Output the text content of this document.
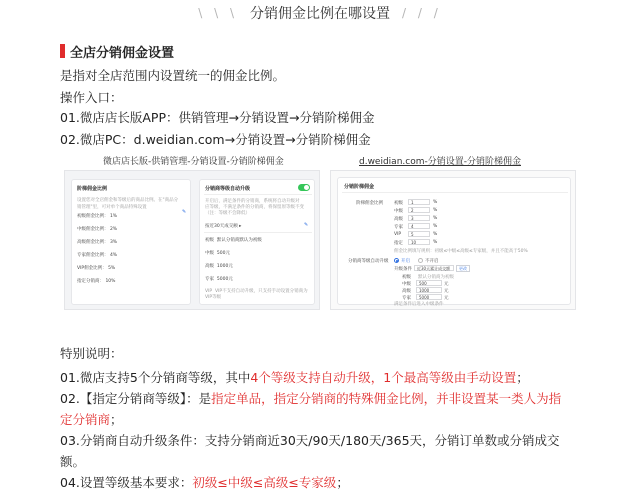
\ \ \ 分销佣金比例在哪设置 / / /
全店分销佣金设置
是指对全店范围内设置统一的佣金比例。
操作入口：
01.微店店长版APP：供销管理→分销设置→分销阶梯佣金
02.微店PC：d.weidian.com→分销设置→分销阶梯佣金
微店店长版-供销管理-分销设置-分销阶梯佣金
阶梯佣金比例
设置您对全店佣金和等级后的商品比例。在"商品分
销管理"里，可对单个商品特殊设置
✎
初级佣金比例： 1%
中级佣金比例： 2%
高级佣金比例： 3%
专家佣金比例： 4%
VIP佣金比例： 5%
指定分销商： 10%
分销商等级自动升级
开启后，满足条件的分销商，系统将自动升级对
应等级，不满足条件的分销商，将保留原等级不变
（注：等级不会降低）
按近30天成交额 ▸	✎
初级 默认分销商默认为初级
中级 500元
高级 1000元
专家 5000元
VIP VIP不支持自动升级，只支持手动设置分销商为VIP等级
d.weidian.com-分销设置-分销阶梯佣金
分销阶梯佣金
阶梯佣金比例 初级 1	%
中级 2	%
高级 3	%
专家 4	%
VIP 5	%
指定 10	%
佣金比例填写规则：初级≤中级≤高级≤专家级，并且不能高于50%
分销商等级自动升级	开启	不开启
升级条件 近30天累计成交额 更改
初级 默认分销商为初级
中级 500	元
高级 1000	元
专家 5000	元
满足条件后进入中级条件
特别说明：
01.微店支持5个分销商等级，其中4个等级支持自动升级，1个最高等级由手动设置；
02.【指定分销商等级】：是指定单品，指定分销商的特殊佣金比例，并非设置某一类人为指
定分销商；
03.分销商自动升级条件：支持分销商近30天/90天/180天/365天，分销订单数或分销成交
额。
04.设置等级基本要求：初级≤中级≤高级≤专家级；
